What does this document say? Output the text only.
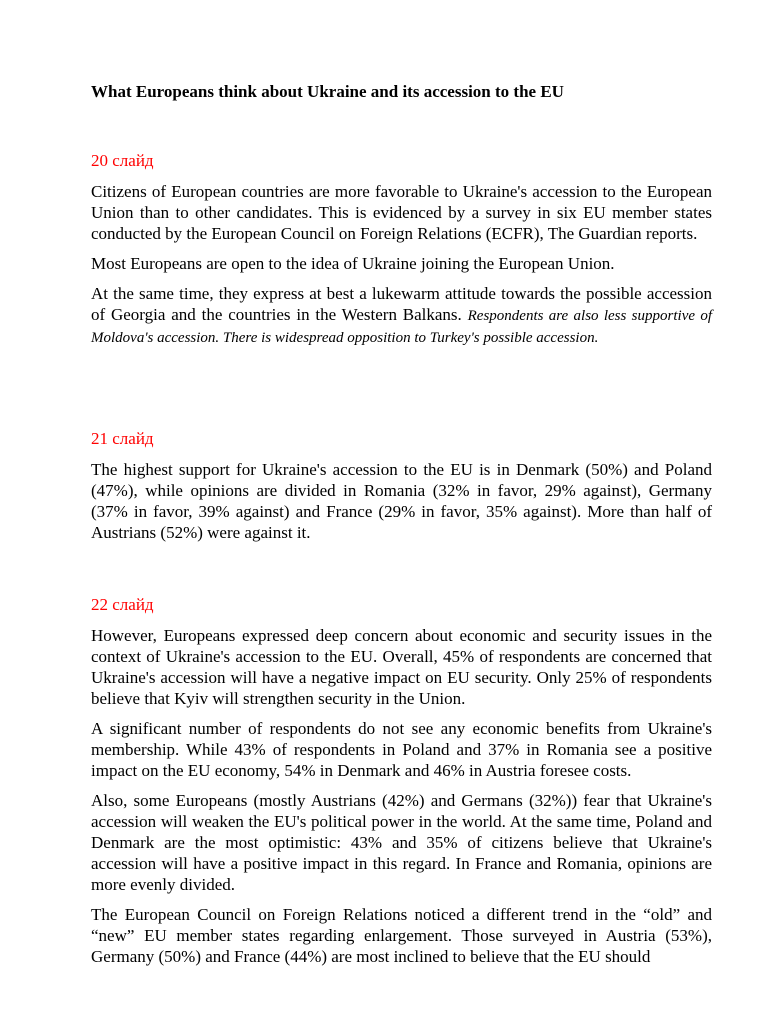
What Europeans think about Ukraine and its accession to the EU
20 слайд

Citizens of European countries are more favorable to Ukraine's accession to the European Union than to other candidates. This is evidenced by a survey in six EU member states conducted by the European Council on Foreign Relations (ECFR), The Guardian reports.

Most Europeans are open to the idea of Ukraine joining the European Union.

At the same time, they express at best a lukewarm attitude towards the possible accession of Georgia and the countries in the Western Balkans. Respondents are also less supportive of Moldova's accession. There is widespread opposition to Turkey's possible accession.

21 слайд

The highest support for Ukraine's accession to the EU is in Denmark (50%) and Poland (47%), while opinions are divided in Romania (32% in favor, 29% against), Germany (37% in favor, 39% against) and France (29% in favor, 35% against). More than half of Austrians (52%) were against it.

22 слайд

However, Europeans expressed deep concern about economic and security issues in the context of Ukraine's accession to the EU. Overall, 45% of respondents are concerned that Ukraine's accession will have a negative impact on EU security. Only 25% of respondents believe that Kyiv will strengthen security in the Union.

A significant number of respondents do not see any economic benefits from Ukraine's membership. While 43% of respondents in Poland and 37% in Romania see a positive impact on the EU economy, 54% in Denmark and 46% in Austria foresee costs.

Also, some Europeans (mostly Austrians (42%) and Germans (32%)) fear that Ukraine's accession will weaken the EU's political power in the world. At the same time, Poland and Denmark are the most optimistic: 43% and 35% of citizens believe that Ukraine's accession will have a positive impact in this regard. In France and Romania, opinions are more evenly divided.

The European Council on Foreign Relations noticed a different trend in the “old” and “new” EU member states regarding enlargement. Those surveyed in Austria (53%), Germany (50%) and France (44%) are most inclined to believe that the EU should
